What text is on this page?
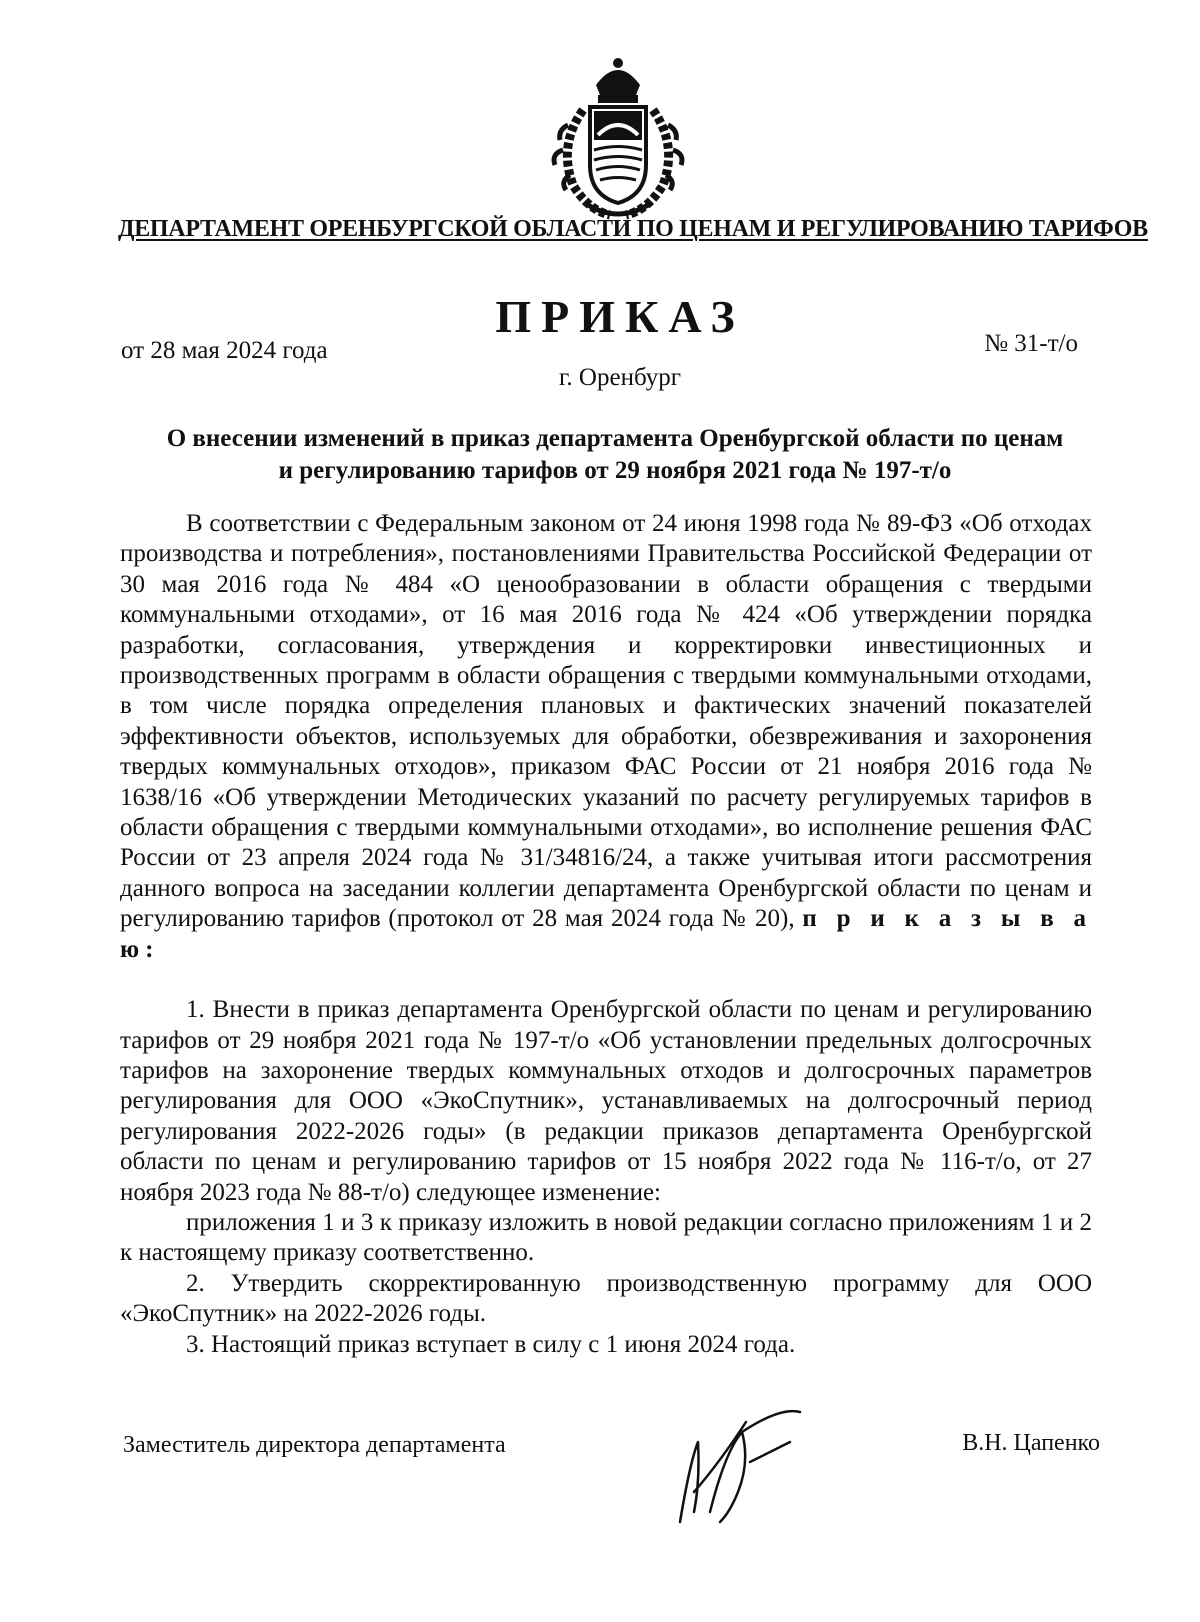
ДЕПАРТАМЕНТ ОРЕНБУРГСКОЙ ОБЛАСТИ ПО ЦЕНАМ И РЕГУЛИРОВАНИЮ ТАРИФОВ
ПРИКАЗ
от 28 мая 2024 года	№ 31-т/о
г. Оренбург
О внесении изменений в приказ департамента Оренбургской области по ценам
и регулированию тарифов от 29 ноября 2021 года № 197-т/о

В соответствии с Федеральным законом от 24 июня 1998 года № 89-ФЗ «Об отходах производства и потребления», постановлениями Правительства Российской Федерации от 30 мая 2016 года № 484 «О ценообразовании в области обращения с твердыми коммунальными отходами», от 16 мая 2016 года № 424 «Об утверждении порядка разработки, согласования, утверждения и корректировки инвестиционных и производственных программ в области обращения с твердыми коммунальными отходами, в том числе порядка определения плановых и фактических значений показателей эффективности объектов, используемых для обработки, обезвреживания и захоронения твердых коммунальных отходов», приказом ФАС России от 21 ноября 2016 года № 1638/16 «Об утверждении Методических указаний по расчету регулируемых тарифов в области обращения с твердыми коммунальными отходами», во исполнение решения ФАС России от 23 апреля 2024 года № 31/34816/24, а также учитывая итоги рассмотрения данного вопроса на заседании коллегии департамента Оренбургской области по ценам и регулированию тарифов (протокол от 28 мая 2024 года № 20), п р и к а з ы в а ю:

1. Внести в приказ департамента Оренбургской области по ценам и регулированию тарифов от 29 ноября 2021 года № 197-т/о «Об установлении предельных долгосрочных тарифов на захоронение твердых коммунальных отходов и долгосрочных параметров регулирования для ООО «ЭкоСпутник», устанавливаемых на долгосрочный период регулирования 2022-2026 годы» (в редакции приказов департамента Оренбургской области по ценам и регулированию тарифов от 15 ноября 2022 года № 116-т/о, от 27 ноября 2023 года № 88-т/о) следующее изменение:

приложения 1 и 3 к приказу изложить в новой редакции согласно приложениям 1 и 2 к настоящему приказу соответственно.

2. Утвердить скорректированную производственную программу для ООО «ЭкоСпутник» на 2022-2026 годы.

3. Настоящий приказ вступает в силу с 1 июня 2024 года.

Заместитель директора департамента	В.Н. Цапенко
